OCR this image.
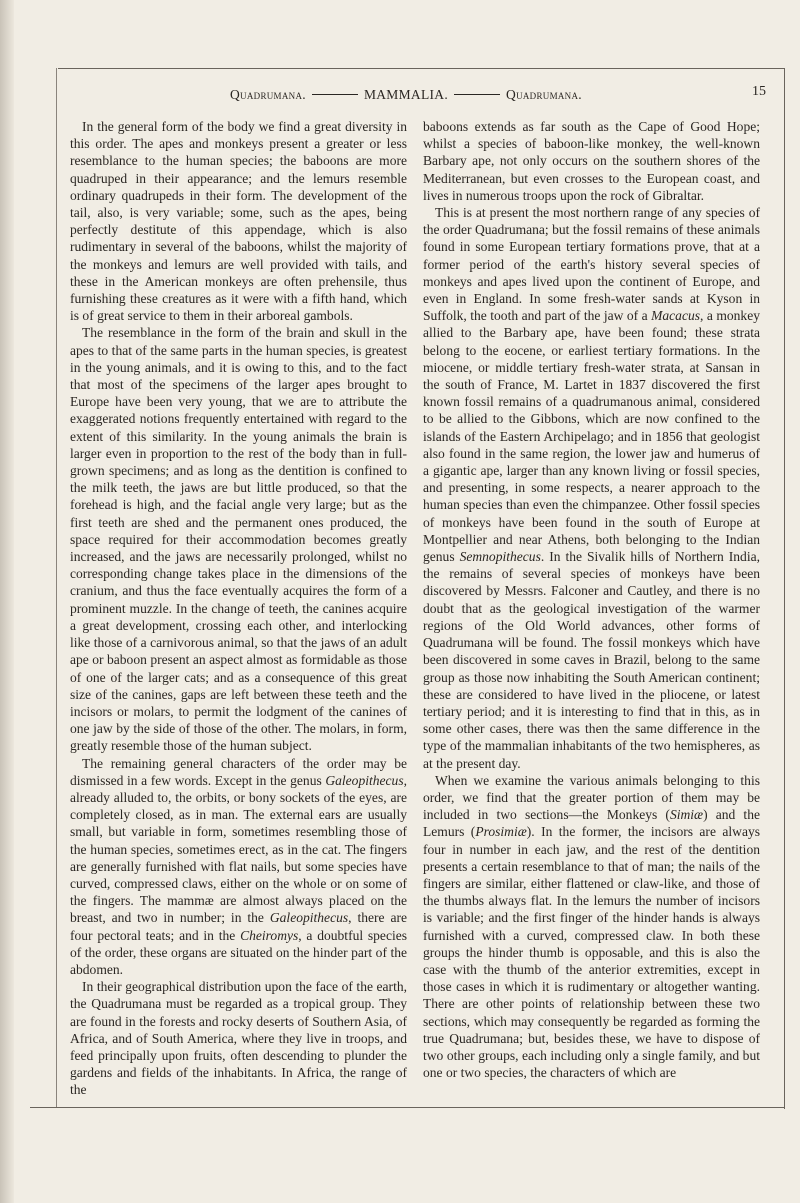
Quadrumana.	MAMMALIA.	Quadrumana.	15

In the general form of the body we find a great diversity in this order. The apes and monkeys present a greater or less resemblance to the human species; the baboons are more quadruped in their appearance; and the lemurs resemble ordinary quadrupeds in their form. The development of the tail, also, is very variable; some, such as the apes, being perfectly destitute of this appendage, which is also rudimentary in several of the baboons, whilst the majority of the monkeys and lemurs are well provided with tails, and these in the American monkeys are often prehensile, thus furnishing these creatures as it were with a fifth hand, which is of great service to them in their arboreal gambols.

The resemblance in the form of the brain and skull in the apes to that of the same parts in the human species, is greatest in the young animals, and it is owing to this, and to the fact that most of the specimens of the larger apes brought to Europe have been very young, that we are to attribute the exaggerated notions frequently entertained with regard to the extent of this similarity. In the young animals the brain is larger even in proportion to the rest of the body than in full-grown specimens; and as long as the dentition is confined to the milk teeth, the jaws are but little produced, so that the forehead is high, and the facial angle very large; but as the first teeth are shed and the permanent ones produced, the space required for their accommodation becomes greatly increased, and the jaws are necessarily prolonged, whilst no corresponding change takes place in the dimensions of the cranium, and thus the face eventually acquires the form of a prominent muzzle. In the change of teeth, the canines acquire a great development, crossing each other, and interlocking like those of a carnivorous animal, so that the jaws of an adult ape or baboon present an aspect almost as formidable as those of one of the larger cats; and as a consequence of this great size of the canines, gaps are left between these teeth and the incisors or molars, to permit the lodgment of the canines of one jaw by the side of those of the other. The molars, in form, greatly resemble those of the human subject.

The remaining general characters of the order may be dismissed in a few words. Except in the genus Galeopithecus, already alluded to, the orbits, or bony sockets of the eyes, are completely closed, as in man. The external ears are usually small, but variable in form, sometimes resembling those of the human species, sometimes erect, as in the cat. The fingers are generally furnished with flat nails, but some species have curved, compressed claws, either on the whole or on some of the fingers. The mammæ are almost always placed on the breast, and two in number; in the Galeopithecus, there are four pectoral teats; and in the Cheiromys, a doubtful species of the order, these organs are situated on the hinder part of the abdomen.

In their geographical distribution upon the face of the earth, the Quadrumana must be regarded as a tropical group. They are found in the forests and rocky deserts of Southern Asia, of Africa, and of South America, where they live in troops, and feed principally upon fruits, often descending to plunder the gardens and fields of the inhabitants. In Africa, the range of the

baboons extends as far south as the Cape of Good Hope; whilst a species of baboon-like monkey, the well-known Barbary ape, not only occurs on the southern shores of the Mediterranean, but even crosses to the European coast, and lives in numerous troops upon the rock of Gibraltar.

This is at present the most northern range of any species of the order Quadrumana; but the fossil remains of these animals found in some European tertiary formations prove, that at a former period of the earth's history several species of monkeys and apes lived upon the continent of Europe, and even in England. In some fresh-water sands at Kyson in Suffolk, the tooth and part of the jaw of a Macacus, a monkey allied to the Barbary ape, have been found; these strata belong to the eocene, or earliest tertiary formations. In the miocene, or middle tertiary fresh-water strata, at Sansan in the south of France, M. Lartet in 1837 discovered the first known fossil remains of a quadrumanous animal, considered to be allied to the Gibbons, which are now confined to the islands of the Eastern Archipelago; and in 1856 that geologist also found in the same region, the lower jaw and humerus of a gigantic ape, larger than any known living or fossil species, and presenting, in some respects, a nearer approach to the human species than even the chimpanzee. Other fossil species of monkeys have been found in the south of Europe at Montpellier and near Athens, both belonging to the Indian genus Semnopithecus. In the Sivalik hills of Northern India, the remains of several species of monkeys have been discovered by Messrs. Falconer and Cautley, and there is no doubt that as the geological investigation of the warmer regions of the Old World advances, other forms of Quadrumana will be found. The fossil monkeys which have been discovered in some caves in Brazil, belong to the same group as those now inhabiting the South American continent; these are considered to have lived in the pliocene, or latest tertiary period; and it is interesting to find that in this, as in some other cases, there was then the same difference in the type of the mammalian inhabitants of the two hemispheres, as at the present day.

When we examine the various animals belonging to this order, we find that the greater portion of them may be included in two sections—the Monkeys (Simiæ) and the Lemurs (Prosimiæ). In the former, the incisors are always four in number in each jaw, and the rest of the dentition presents a certain resemblance to that of man; the nails of the fingers are similar, either flattened or claw-like, and those of the thumbs always flat. In the lemurs the number of incisors is variable; and the first finger of the hinder hands is always furnished with a curved, compressed claw. In both these groups the hinder thumb is opposable, and this is also the case with the thumb of the anterior extremities, except in those cases in which it is rudimentary or altogether wanting. There are other points of relationship between these two sections, which may consequently be regarded as forming the true Quadrumana; but, besides these, we have to dispose of two other groups, each including only a single family, and but one or two species, the characters of which are
